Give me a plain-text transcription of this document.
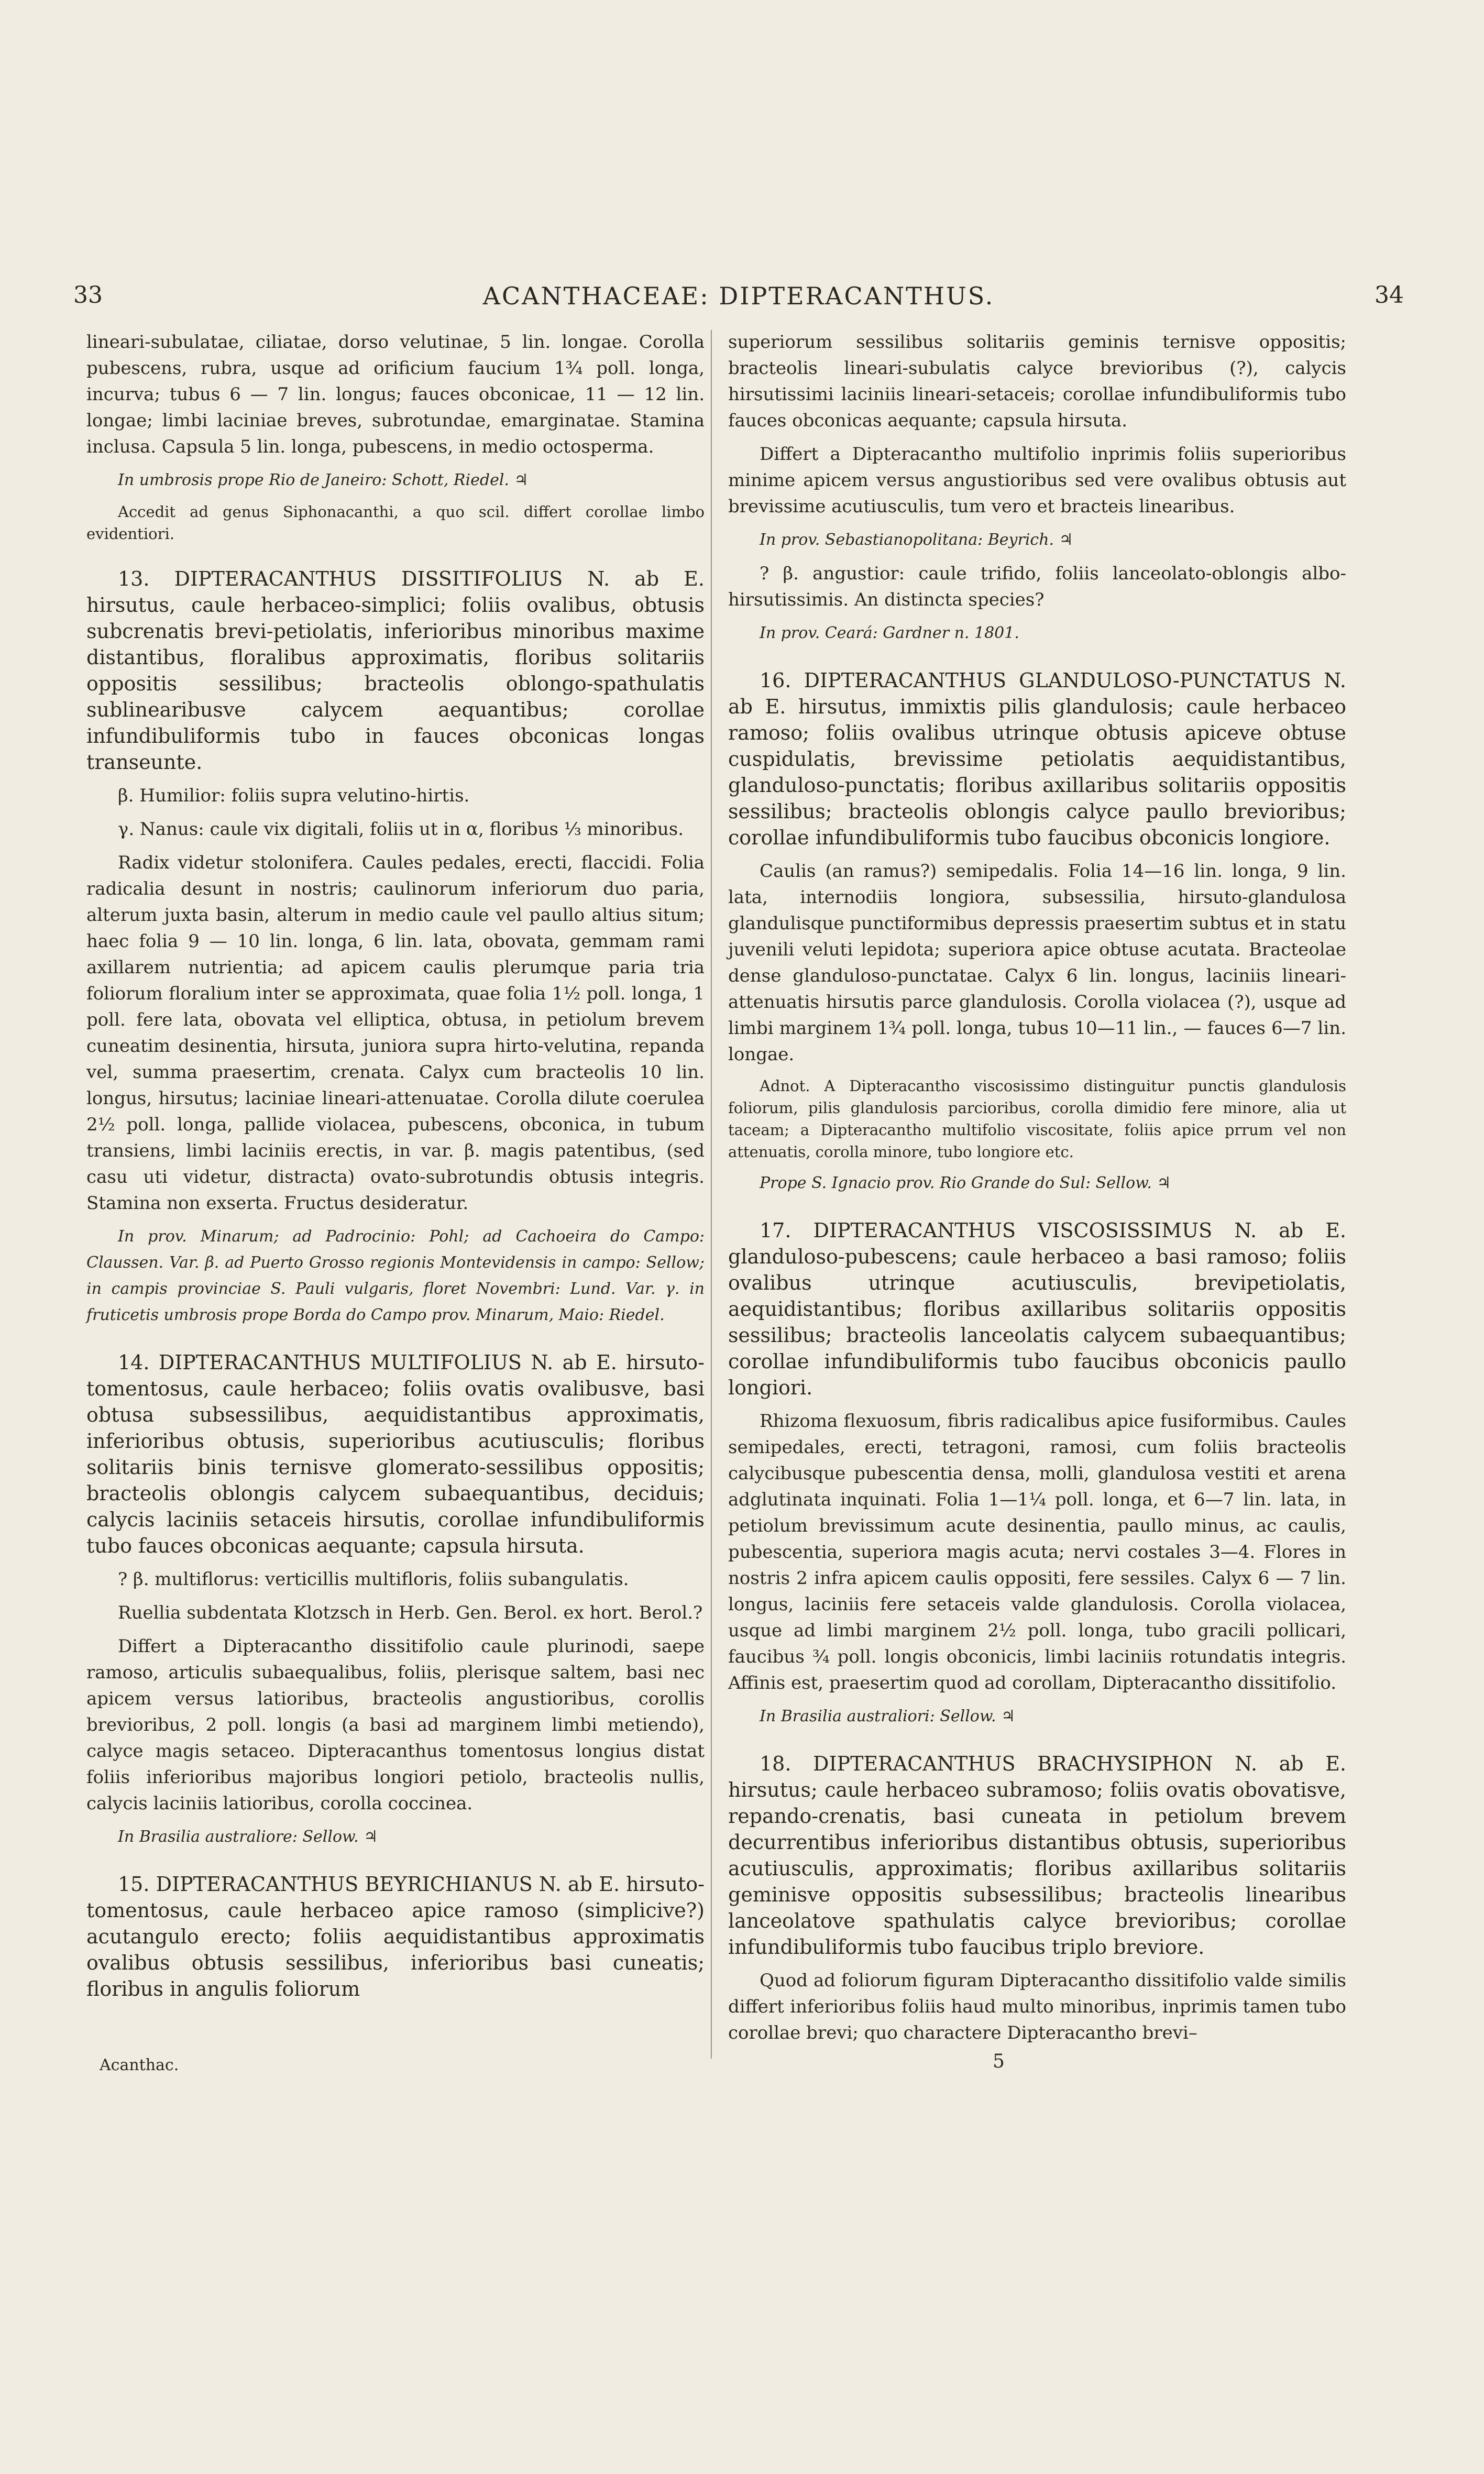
33	ACANTHACEAE: DIPTERACANTHUS.	34

lineari-subulatae, ciliatae, dorso velutinae, 5 lin. longae. Corolla pubescens, rubra, usque ad orificium faucium 1¾ poll. longa, incurva; tubus 6 — 7 lin. longus; fauces obconicae, 11 — 12 lin. longae; limbi laciniae breves, subrotundae, emarginatae. Stamina inclusa. Capsula 5 lin. longa, pubescens, in medio octosperma.

In umbrosis prope Rio de Janeiro: Schott, Riedel. ♃

Accedit ad genus Siphonacanthi, a quo scil. differt corollae limbo evidentiori.

13. DIPTERACANTHUS DISSITIFOLIUS N. ab E. hirsutus, caule herbaceo-simplici; foliis ovalibus, obtusis subcrenatis brevi-petiolatis, inferioribus minoribus maxime distantibus, floralibus approximatis, floribus solitariis oppositis sessilibus; bracteolis oblongo-spathulatis sublinearibusve calycem aequantibus; corollae infundibuliformis tubo in fauces obconicas longas transeunte.

β. Humilior: foliis supra velutino-hirtis.

γ. Nanus: caule vix digitali, foliis ut in α, floribus ⅓ minoribus.

Radix videtur stolonifera. Caules pedales, erecti, flaccidi. Folia radicalia desunt in nostris; caulinorum inferiorum duo paria, alterum juxta basin, alterum in medio caule vel paullo altius situm; haec folia 9 — 10 lin. longa, 6 lin. lata, obovata, gemmam rami axillarem nutrientia; ad apicem caulis plerumque paria tria foliorum floralium inter se approximata, quae folia 1½ poll. longa, 1 poll. fere lata, obovata vel elliptica, obtusa, in petiolum brevem cuneatim desinentia, hirsuta, juniora supra hirto-velutina, repanda vel, summa praesertim, crenata. Calyx cum bracteolis 10 lin. longus, hirsutus; laciniae lineari-attenuatae. Corolla dilute coerulea 2½ poll. longa, pallide violacea, pubescens, obconica, in tubum transiens, limbi laciniis erectis, in var. β. magis patentibus, (sed casu uti videtur, distracta) ovato-subrotundis obtusis integris. Stamina non exserta. Fructus desideratur.

In prov. Minarum; ad Padrocinio: Pohl; ad Cachoeira do Campo: Claussen. Var. β. ad Puerto Grosso regionis Montevidensis in campo: Sellow; in campis provinciae S. Pauli vulgaris, floret Novembri: Lund. Var. γ. in fruticetis umbrosis prope Borda do Campo prov. Minarum, Maio: Riedel.

14. DIPTERACANTHUS MULTIFOLIUS N. ab E. hirsuto-tomentosus, caule herbaceo; foliis ovatis ovalibusve, basi obtusa subsessilibus, aequidistantibus approximatis, inferioribus obtusis, superioribus acutiusculis; floribus solitariis binis ternisve glomerato-sessilibus oppositis; bracteolis oblongis calycem subaequantibus, deciduis; calycis laciniis setaceis hirsutis, corollae infundibuliformis tubo fauces obconicas aequante; capsula hirsuta.

? β. multiflorus: verticillis multifloris, foliis subangulatis.

Ruellia subdentata Klotzsch in Herb. Gen. Berol. ex hort. Berol.?

Differt a Dipteracantho dissitifolio caule plurinodi, saepe ramoso, articulis subaequalibus, foliis, plerisque saltem, basi nec apicem versus latioribus, bracteolis angustioribus, corollis brevioribus, 2 poll. longis (a basi ad marginem limbi metiendo), calyce magis setaceo. Dipteracanthus tomentosus longius distat foliis inferioribus majoribus longiori petiolo, bracteolis nullis, calycis laciniis latioribus, corolla coccinea.

In Brasilia australiore: Sellow. ♃

15. DIPTERACANTHUS BEYRICHIANUS N. ab E. hirsuto-tomentosus, caule herbaceo apice ramoso (simplicive?) acutangulo erecto; foliis aequidistantibus approximatis ovalibus obtusis sessilibus, inferioribus basi cuneatis; floribus in angulis foliorum

superiorum sessilibus solitariis geminis ternisve oppositis; bracteolis lineari-subulatis calyce brevioribus (?), calycis hirsutissimi laciniis lineari-setaceis; corollae infundibuliformis tubo fauces obconicas aequante; capsula hirsuta.

Differt a Dipteracantho multifolio inprimis foliis superioribus minime apicem versus angustioribus sed vere ovalibus obtusis aut brevissime acutiusculis, tum vero et bracteis linearibus.

In prov. Sebastianopolitana: Beyrich. ♃

? β. angustior: caule trifido, foliis lanceolato-oblongis albo-hirsutissimis. An distincta species?

In prov. Ceará: Gardner n. 1801.

16. DIPTERACANTHUS GLANDULOSO-PUNCTATUS N. ab E. hirsutus, immixtis pilis glandulosis; caule herbaceo ramoso; foliis ovalibus utrinque obtusis apiceve obtuse cuspidulatis, brevissime petiolatis aequidistantibus, glanduloso-punctatis; floribus axillaribus solitariis oppositis sessilibus; bracteolis oblongis calyce paullo brevioribus; corollae infundibuliformis tubo faucibus obconicis longiore.

Caulis (an ramus?) semipedalis. Folia 14—16 lin. longa, 9 lin. lata, internodiis longiora, subsessilia, hirsuto-glandulosa glandulisque punctiformibus depressis praesertim subtus et in statu juvenili veluti lepidota; superiora apice obtuse acutata. Bracteolae dense glanduloso-punctatae. Calyx 6 lin. longus, laciniis lineari-attenuatis hirsutis parce glandulosis. Corolla violacea (?), usque ad limbi marginem 1¾ poll. longa, tubus 10—11 lin., — fauces 6—7 lin. longae.

Adnot. A Dipteracantho viscosissimo distinguitur punctis glandulosis foliorum, pilis glandulosis parcioribus, corolla dimidio fere minore, alia ut taceam; a Dipteracantho multifolio viscositate, foliis apice prrum vel non attenuatis, corolla minore, tubo longiore etc.

Prope S. Ignacio prov. Rio Grande do Sul: Sellow. ♃

17. DIPTERACANTHUS VISCOSISSIMUS N. ab E. glanduloso-pubescens; caule herbaceo a basi ramoso; foliis ovalibus utrinque acutiusculis, brevipetiolatis, aequidistantibus; floribus axillaribus solitariis oppositis sessilibus; bracteolis lanceolatis calycem subaequantibus; corollae infundibuliformis tubo faucibus obconicis paullo longiori.

Rhizoma flexuosum, fibris radicalibus apice fusiformibus. Caules semipedales, erecti, tetragoni, ramosi, cum foliis bracteolis calycibusque pubescentia densa, molli, glandulosa vestiti et arena adglutinata inquinati. Folia 1—1¼ poll. longa, et 6—7 lin. lata, in petiolum brevissimum acute desinentia, paullo minus, ac caulis, pubescentia, superiora magis acuta; nervi costales 3—4. Flores in nostris 2 infra apicem caulis oppositi, fere sessiles. Calyx 6 — 7 lin. longus, laciniis fere setaceis valde glandulosis. Corolla violacea, usque ad limbi marginem 2½ poll. longa, tubo gracili pollicari, faucibus ¾ poll. longis obconicis, limbi laciniis rotundatis integris. Affinis est, praesertim quod ad corollam, Dipteracantho dissitifolio.

In Brasilia australiori: Sellow. ♃

18. DIPTERACANTHUS BRACHYSIPHON N. ab E. hirsutus; caule herbaceo subramoso; foliis ovatis obovatisve, repando-crenatis, basi cuneata in petiolum brevem decurrentibus inferioribus distantibus obtusis, superioribus acutiusculis, approximatis; floribus axillaribus solitariis geminisve oppositis subsessilibus; bracteolis linearibus lanceolatove spathulatis calyce brevioribus; corollae infundibuliformis tubo faucibus triplo breviore.

Quod ad foliorum figuram Dipteracantho dissitifolio valde similis differt inferioribus foliis haud multo minoribus, inprimis tamen tubo corollae brevi; quo charactere Dipteracantho brevi–

Acanthac.	5
